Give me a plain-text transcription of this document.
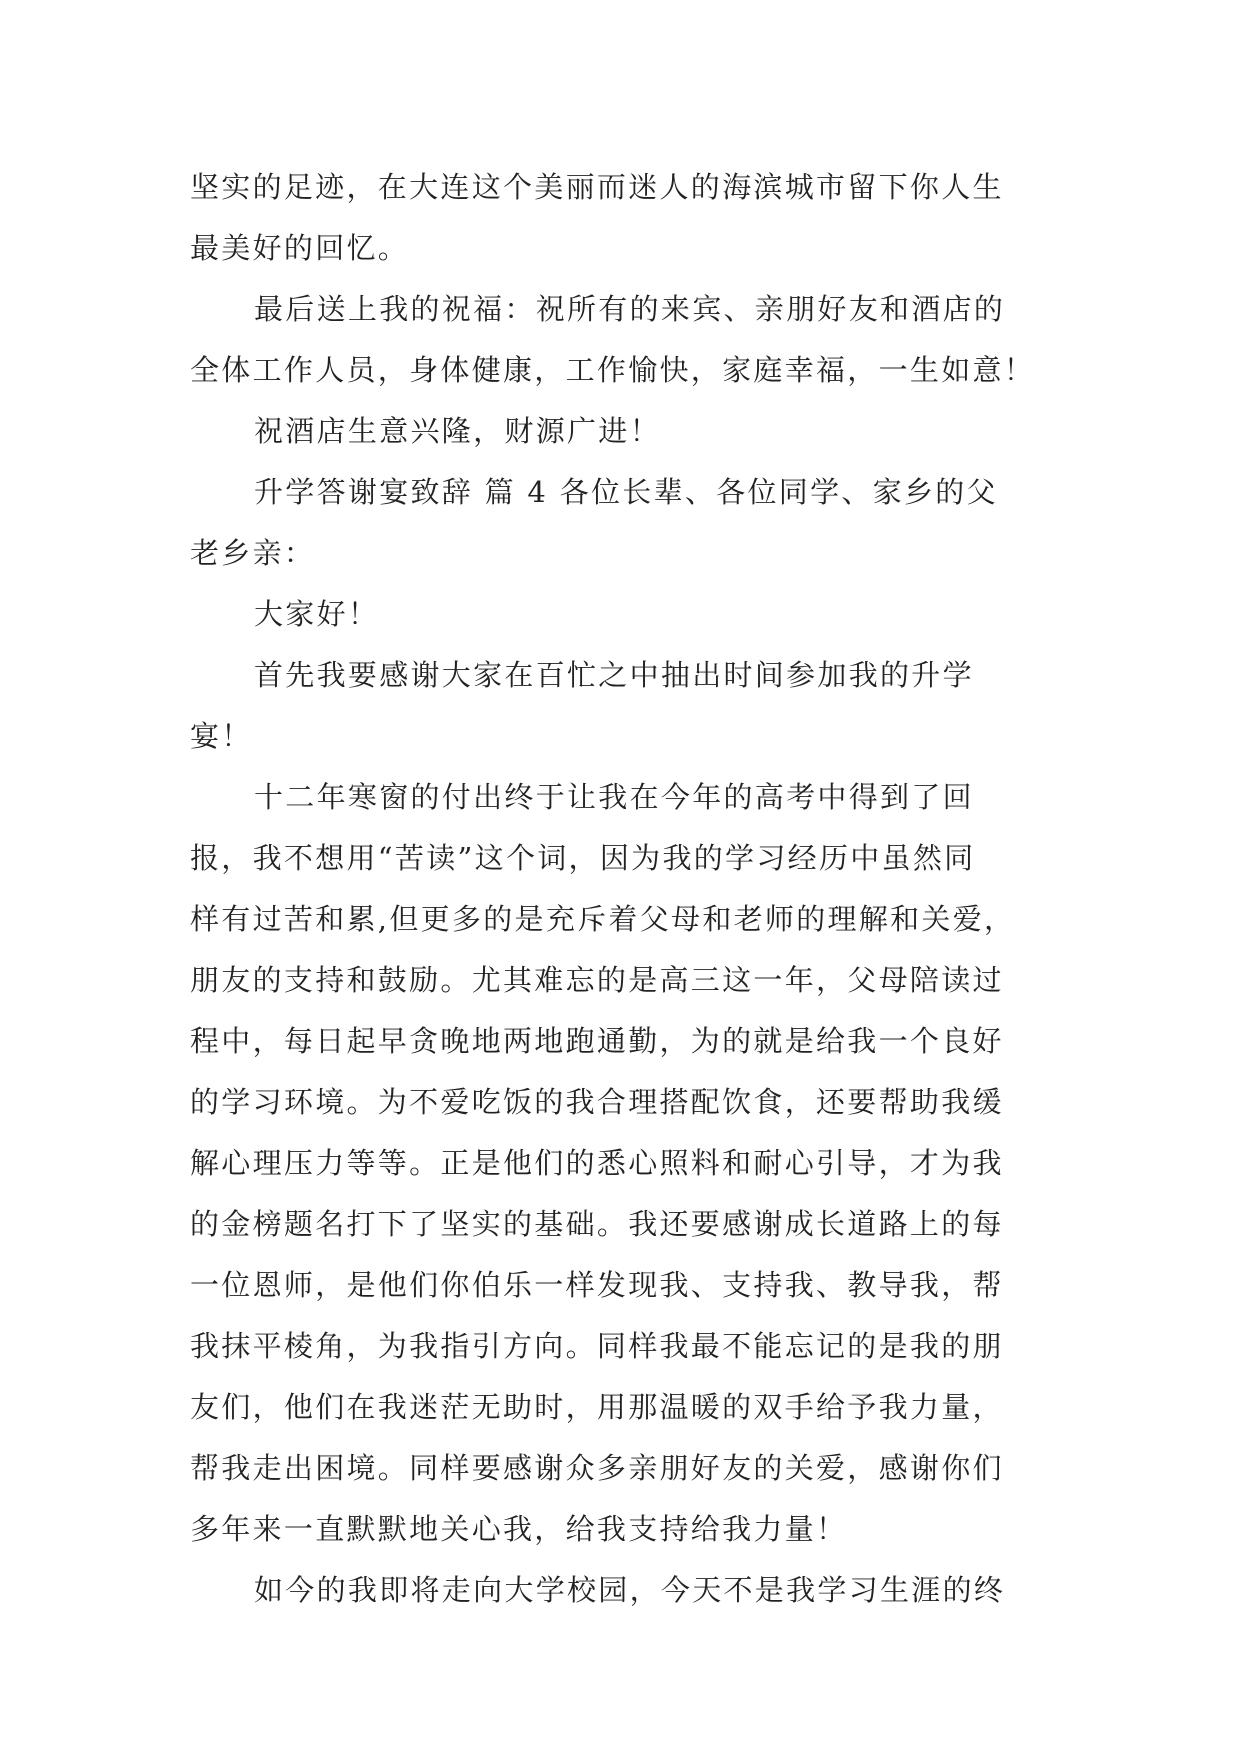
坚实的足迹，在大连这个美丽而迷人的海滨城市留下你人生
最美好的回忆。
最后送上我的祝福：祝所有的来宾、亲朋好友和酒店的
全体工作人员，身体健康，工作愉快，家庭幸福，一生如意！
祝酒店生意兴隆，财源广进！
升学答谢宴致辞 篇 4 各位长辈、各位同学、家乡的父
老乡亲：
大家好！
首先我要感谢大家在百忙之中抽出时间参加我的升学
宴！
十二年寒窗的付出终于让我在今年的高考中得到了回
报，我不想用“苦读”这个词，因为我的学习经历中虽然同
样有过苦和累,但更多的是充斥着父母和老师的理解和关爱，
朋友的支持和鼓励。尤其难忘的是高三这一年，父母陪读过
程中，每日起早贪晚地两地跑通勤，为的就是给我一个良好
的学习环境。为不爱吃饭的我合理搭配饮食，还要帮助我缓
解心理压力等等。正是他们的悉心照料和耐心引导，才为我
的金榜题名打下了坚实的基础。我还要感谢成长道路上的每
一位恩师，是他们你伯乐一样发现我、支持我、教导我，帮
我抹平棱角，为我指引方向。同样我最不能忘记的是我的朋
友们，他们在我迷茫无助时，用那温暖的双手给予我力量，
帮我走出困境。同样要感谢众多亲朋好友的关爱，感谢你们
多年来一直默默地关心我，给我支持给我力量！
如今的我即将走向大学校园，今天不是我学习生涯的终
